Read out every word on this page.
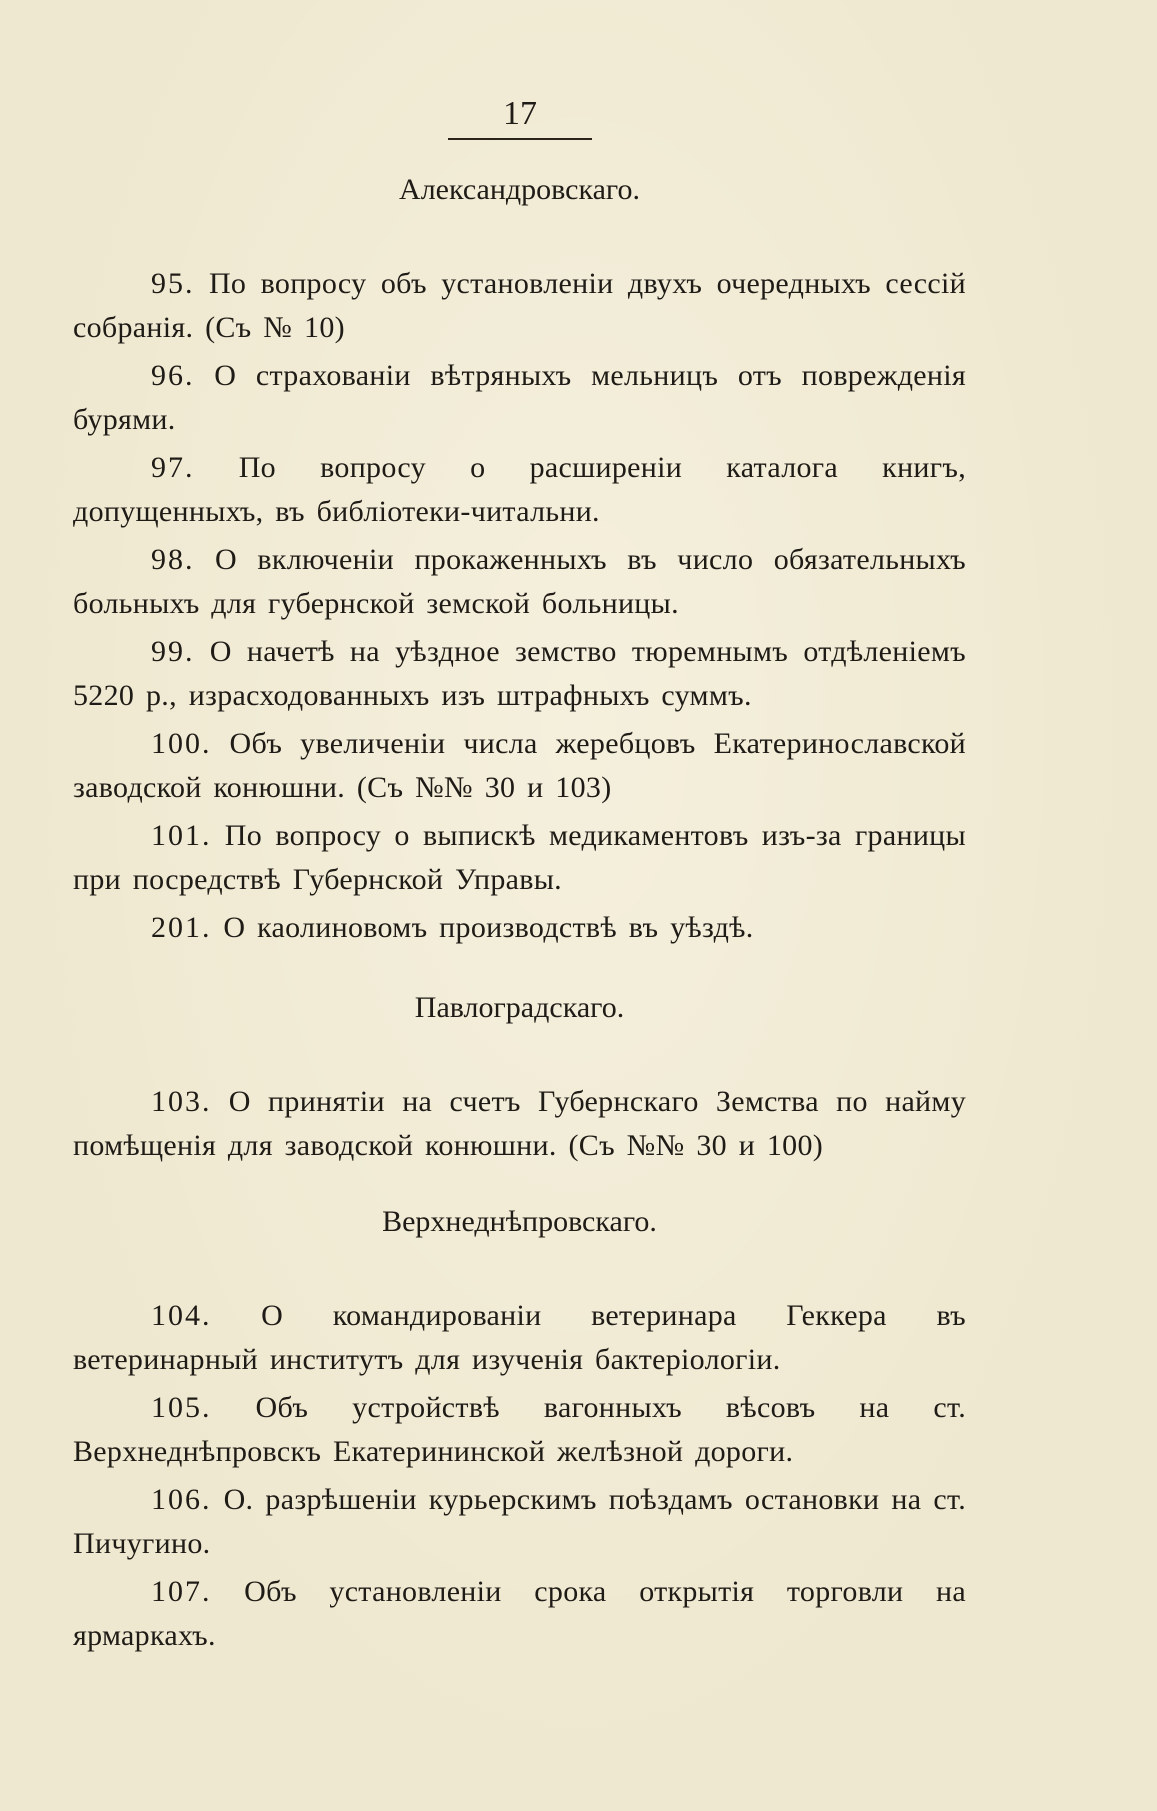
17
Александровскаго.

95. По вопросу объ установленіи двухъ очередныхъ сессій собранія. (Съ № 10)

96. О страхованіи вѣтряныхъ мельницъ отъ поврежденія бурями.

97. По вопросу о расширеніи каталога книгъ, допущенныхъ, въ библіотеки-читальни.

98. О включеніи прокаженныхъ въ число обязательныхъ больныхъ для губернской земской больницы.

99. О начетѣ на уѣздное земство тюремнымъ отдѣленіемъ 5220 р., израсходованныхъ изъ штрафныхъ суммъ.

100. Объ увеличеніи числа жеребцовъ Екатеринославской заводской конюшни. (Съ №№ 30 и 103)

101. По вопросу о выпискѣ медикаментовъ изъ-за границы при посредствѣ Губернской Управы.

201. О каолиновомъ производствѣ въ уѣздѣ.

Павлоградскаго.

103. О принятіи на счетъ Губернскаго Земства по найму помѣщенія для заводской конюшни. (Съ №№ 30 и 100)

Верхнеднѣпровскаго.

104. О командированіи ветеринара Геккера въ ветеринарный институтъ для изученія бактеріологіи.

105. Объ устройствѣ вагонныхъ вѣсовъ на ст. Верхнеднѣпровскъ Екатерининской желѣзной дороги.

106. О. разрѣшеніи курьерскимъ поѣздамъ остановки на ст. Пичугино.

107. Объ установленіи срока открытія торговли на ярмаркахъ.
